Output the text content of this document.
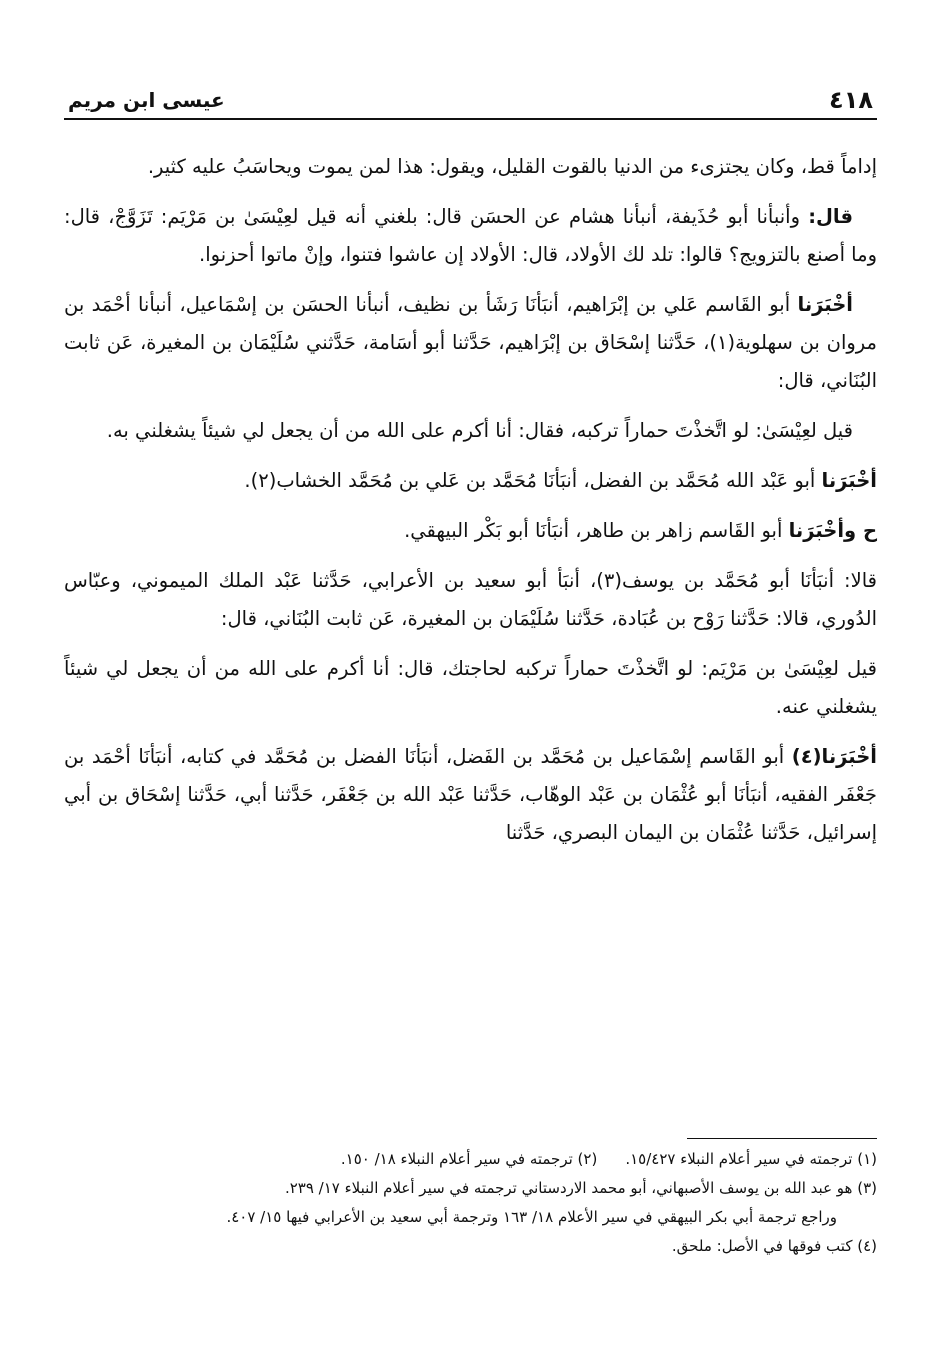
٤١٨
عيسى ابن مريم

إداماً قط، وكان يجتزىء من الدنيا بالقوت القليل، ويقول: هذا لمن يموت ويحاسَبُ عليه كثير.

قال: وأنبأنا أبو حُذَيفة، أنبأنا هشام عن الحسَن قال: بلغني أنه قيل لعِيْسَىٰ بن مَرْيَم: تَزَوَّجْ، قال: وما أصنع بالتزويج؟ قالوا: تلد لك الأولاد، قال: الأولاد إن عاشوا فتنوا، وإنْ ماتوا أحزنوا.

أخْبَرَنا أبو القَاسم عَلي بن إبْرَاهيم، أنبَأنَا رَشَأ بن نظيف، أنبأنا الحسَن بن إسْمَاعيل، أنبأنا أحْمَد بن مروان بن سهلوية(١)، حَدَّثنا إسْحَاق بن إبْرَاهيم، حَدَّثنا أبو أسَامة، حَدَّثني سُلَيْمَان بن المغيرة، عَن ثابت البُنَاني، قال:

قيل لعِيْسَىٰ: لو اتَّخذْتَ حماراً تركبه، فقال: أنا أكرم على الله من أن يجعل لي شيئاً يشغلني به.

أخْبَرَنا أبو عَبْد الله مُحَمَّد بن الفضل، أنبَأنَا مُحَمَّد بن عَلي بن مُحَمَّد الخشاب(٢).

ح وأخْبَرَنا أبو القَاسم زاهر بن طاهر، أنبَأنَا أبو بَكْر البيهقي.

قالا: أنبَأنَا أبو مُحَمَّد بن يوسف(٣)، أنبَأ أبو سعيد بن الأعرابي، حَدَّثنا عَبْد الملك الميموني، وعبّاس الدُوري، قالا: حَدَّثنا رَوْح بن عُبَادة، حَدَّثنا سُلَيْمَان بن المغيرة، عَن ثابت البُنَاني، قال:

قيل لعِيْسَىٰ بن مَرْيَم: لو اتَّخذْتَ حماراً تركبه لحاجتك، قال: أنا أكرم على الله من أن يجعل لي شيئاً يشغلني عنه.

أخْبَرَنا(٤) أبو القَاسم إسْمَاعيل بن مُحَمَّد بن الفَضل، أنبَأنَا الفضل بن مُحَمَّد في كتابه، أنبَأنَا أحْمَد بن جَعْفَر الفقيه، أنبَأنَا أبو عُثْمَان بن عَبْد الوهّاب، حَدَّثنا عَبْد الله بن جَعْفَر، حَدَّثنا أبي، حَدَّثنا إسْحَاق بن أبي إسرائيل، حَدَّثنا عُثْمَان بن اليمان البصري، حَدَّثنا

(١) ترجمته في سير أعلام النبلاء ١٥/٤٢٧.
(٢) ترجمته في سير أعلام النبلاء ١٨/ ١٥٠.
(٣) هو عبد الله بن يوسف الأصبهاني، أبو محمد الاردستاني ترجمته في سير أعلام النبلاء ١٧/ ٢٣٩.
وراجع ترجمة أبي بكر البيهقي في سير الأعلام ١٨/ ١٦٣ وترجمة أبي سعيد بن الأعرابي فيها ١٥/ ٤٠٧.
(٤) كتب فوقها في الأصل: ملحق.
